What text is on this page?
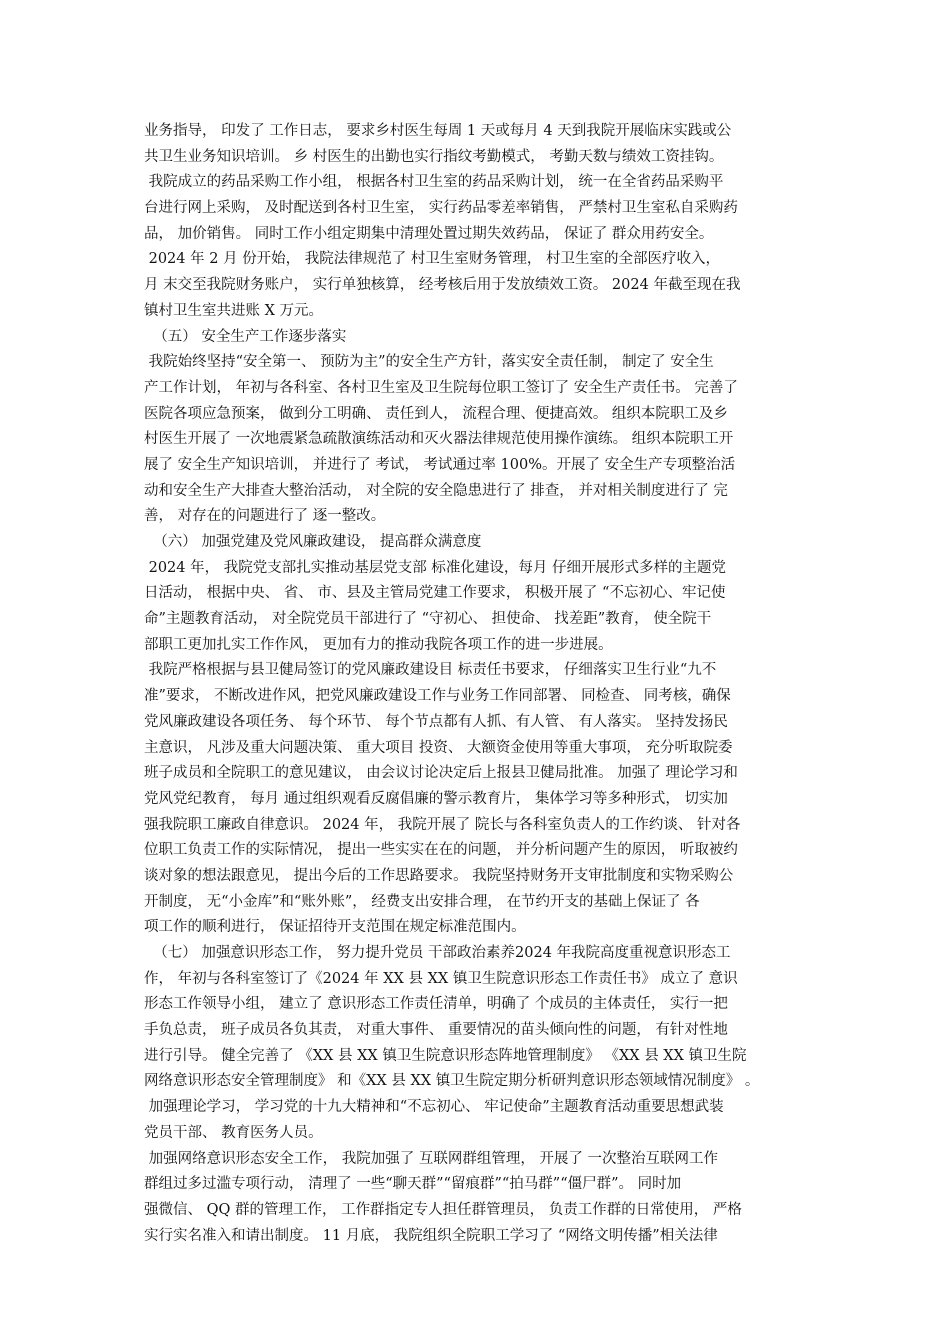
业务指导， 印发了 工作日志， 要求乡村医生每周 1 天或每月 4 天到我院开展临床实践或公
共卫生业务知识培训。 乡 村医生的出勤也实行指纹考勤模式， 考勤天数与绩效工资挂钩。
我院成立的药品采购工作小组， 根据各村卫生室的药品采购计划， 统一在全省药品采购平
台进行网上采购， 及时配送到各村卫生室， 实行药品零差率销售， 严禁村卫生室私自采购药
品， 加价销售。 同时工作小组定期集中清理处置过期失效药品， 保证了 群众用药安全。
2024 年 2 月 份开始， 我院法律规范了 村卫生室财务管理， 村卫生室的全部医疗收入，
月 末交至我院财务账户， 实行单独核算， 经考核后用于发放绩效工资。 2024 年截至现在我
镇村卫生室共进账 X 万元。
（五） 安全生产工作逐步落实
我院始终坚持“安全第一、 预防为主”的安全生产方针，落实安全责任制， 制定了 安全生
产工作计划， 年初与各科室、各村卫生室及卫生院每位职工签订了 安全生产责任书。 完善了
医院各项应急预案， 做到分工明确、 责任到人， 流程合理、便捷高效。 组织本院职工及乡
村医生开展了 一次地震紧急疏散演练活动和灭火器法律规范使用操作演练。 组织本院职工开
展了 安全生产知识培训， 并进行了 考试， 考试通过率 100%。开展了 安全生产专项整治活
动和安全生产大排查大整治活动， 对全院的安全隐患进行了 排查， 并对相关制度进行了 完
善， 对存在的问题进行了 逐一整改。
（六） 加强党建及党风廉政建设， 提高群众满意度
2024 年， 我院党支部扎实推动基层党支部 标准化建设，每月 仔细开展形式多样的主题党
日活动， 根据中央、 省、 市、县及主管局党建工作要求， 积极开展了 “不忘初心、牢记使
命”主题教育活动， 对全院党员干部进行了 “守初心、 担使命、 找差距”教育， 使全院干
部职工更加扎实工作作风， 更加有力的推动我院各项工作的进一步进展。
我院严格根据与县卫健局签订的党风廉政建设目 标责任书要求， 仔细落实卫生行业“九不
准”要求， 不断改进作风，把党风廉政建设工作与业务工作同部署、 同检查、 同考核，确保
党风廉政建设各项任务、 每个环节、 每个节点都有人抓、有人管、 有人落实。 坚持发扬民
主意识， 凡涉及重大问题决策、 重大项目 投资、 大额资金使用等重大事项， 充分听取院委
班子成员和全院职工的意见建议， 由会议讨论决定后上报县卫健局批准。 加强了 理论学习和
党风党纪教育， 每月 通过组织观看反腐倡廉的警示教育片， 集体学习等多种形式， 切实加
强我院职工廉政自律意识。 2024 年， 我院开展了 院长与各科室负责人的工作约谈、 针对各
位职工负责工作的实际情况， 提出一些实实在在的问题， 并分析问题产生的原因， 听取被约
谈对象的想法跟意见， 提出今后的工作思路要求。 我院坚持财务开支审批制度和实物采购公
开制度， 无“小金库”和“账外账”， 经费支出安排合理， 在节约开支的基础上保证了 各
项工作的顺利进行， 保证招待开支范围在规定标准范围内。
（七） 加强意识形态工作， 努力提升党员 干部政治素养2024 年我院高度重视意识形态工
作， 年初与各科室签订了《2024 年 XX 县 XX 镇卫生院意识形态工作责任书》 成立了 意识
形态工作领导小组， 建立了 意识形态工作责任清单，明确了 个成员的主体责任， 实行一把
手负总责， 班子成员各负其责， 对重大事件、 重要情况的苗头倾向性的问题， 有针对性地
进行引导。 健全完善了 《XX 县 XX 镇卫生院意识形态阵地管理制度》 《XX 县 XX 镇卫生院
网络意识形态安全管理制度》 和《XX 县 XX 镇卫生院定期分析研判意识形态领域情况制度》 。
加强理论学习， 学习党的十九大精神和“不忘初心、 牢记使命”主题教育活动重要思想武装
党员干部、 教育医务人员。
加强网络意识形态安全工作， 我院加强了 互联网群组管理， 开展了 一次整治互联网工作
群组过多过滥专项行动， 清理了 一些“聊天群”“留痕群”“拍马群”“僵尸群”。 同时加
强微信、 QQ 群的管理工作， 工作群指定专人担任群管理员， 负责工作群的日常使用， 严格
实行实名准入和请出制度。 11 月底， 我院组织全院职工学习了 “网络文明传播”相关法律
